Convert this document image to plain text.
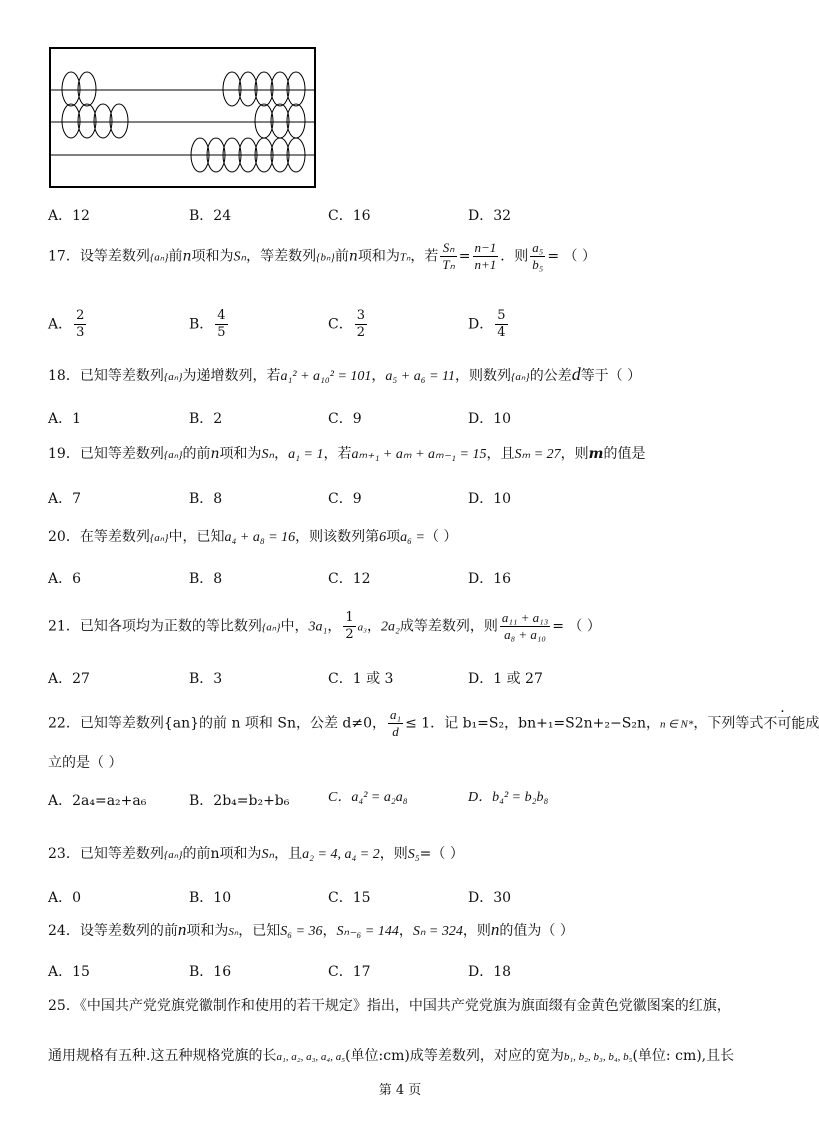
A．12	B．24	C．16	D．32
17．设等差数列{aₙ}前n项和为Sₙ，等差数列{bₙ}前n项和为Tₙ，若 $\frac{\text{Sₙ}}{\text{Tₙ}} = \frac{n-1}{n+1}$ ．则 $\frac{\text{a₅}}{\text{b₅}}$ = （ ）
A． $\frac{2}{3}$	B． $\frac{4}{5}$	C． $\frac{3}{2}$	D． $\frac{5}{4}$
18．已知等差数列{aₙ}为递增数列，若a₁² + a₁₀² = 101，a₅ + a₆ = 11，则数列{aₙ}的公差d等于（ ）
A．1	B．2	C．9	D．10
19．已知等差数列{aₙ}的前n项和为Sₙ，a₁ = 1，若aₘ₊₁ + aₘ + aₘ₋₁ = 15，且Sₘ = 27，则m的值是
A．7	B．8	C．9	D．10
20．在等差数列{aₙ}中，已知a₄ + a₈ = 16，则该数列第6项a₆ =（ ）
A．6	B．8	C．12	D．16
21．已知各项均为正数的等比数列{aₙ}中，3a₁， $\frac{1}{2} a_3$，2a₂成等差数列，则 $\frac{\text{a₁₁ + a₁₃}}{\text{a₈ + a₁₀}}$ = （ ）
A．27	B．3	C．1 或 3	D．1 或 27
22．已知等差数列{an}的前 n 项和 Sn，公差 d≠0， $\frac{\text{a₁}}{d} \le 1$．记 b₁=S₂，bn+₁=S2n+₂−S₂n，n ∈ N*，下列等式不可能成
立的是（ ）
A．2a₄=a₂+a₆	B．2b₄=b₂+b₆	C．a₄² = a₂a₈	D．b₄² = b₂b₈
23．已知等差数列{aₙ}的前n项和为Sₙ，且a₂ = 4, a₄ = 2，则S₅=（ ）
A．0	B．10	C．15	D．30
24．设等差数列的前n项和为Sₙ，已知S₆ = 36，Sₙ₋₆ = 144，Sₙ = 324，则n的值为（ ）
A．15	B．16	C．17	D．18
25．《中国共产党党旗党徽制作和使用的若干规定》指出，中国共产党党旗为旗面缀有金黄色党徽图案的红旗，
通用规格有五种.这五种规格党旗的长a₁, a₂, a₃, a₄, a₅(单位:cm)成等差数列，对应的宽为b₁, b₂, b₃, b₄, b₅(单位: cm),且长
第 4 页
